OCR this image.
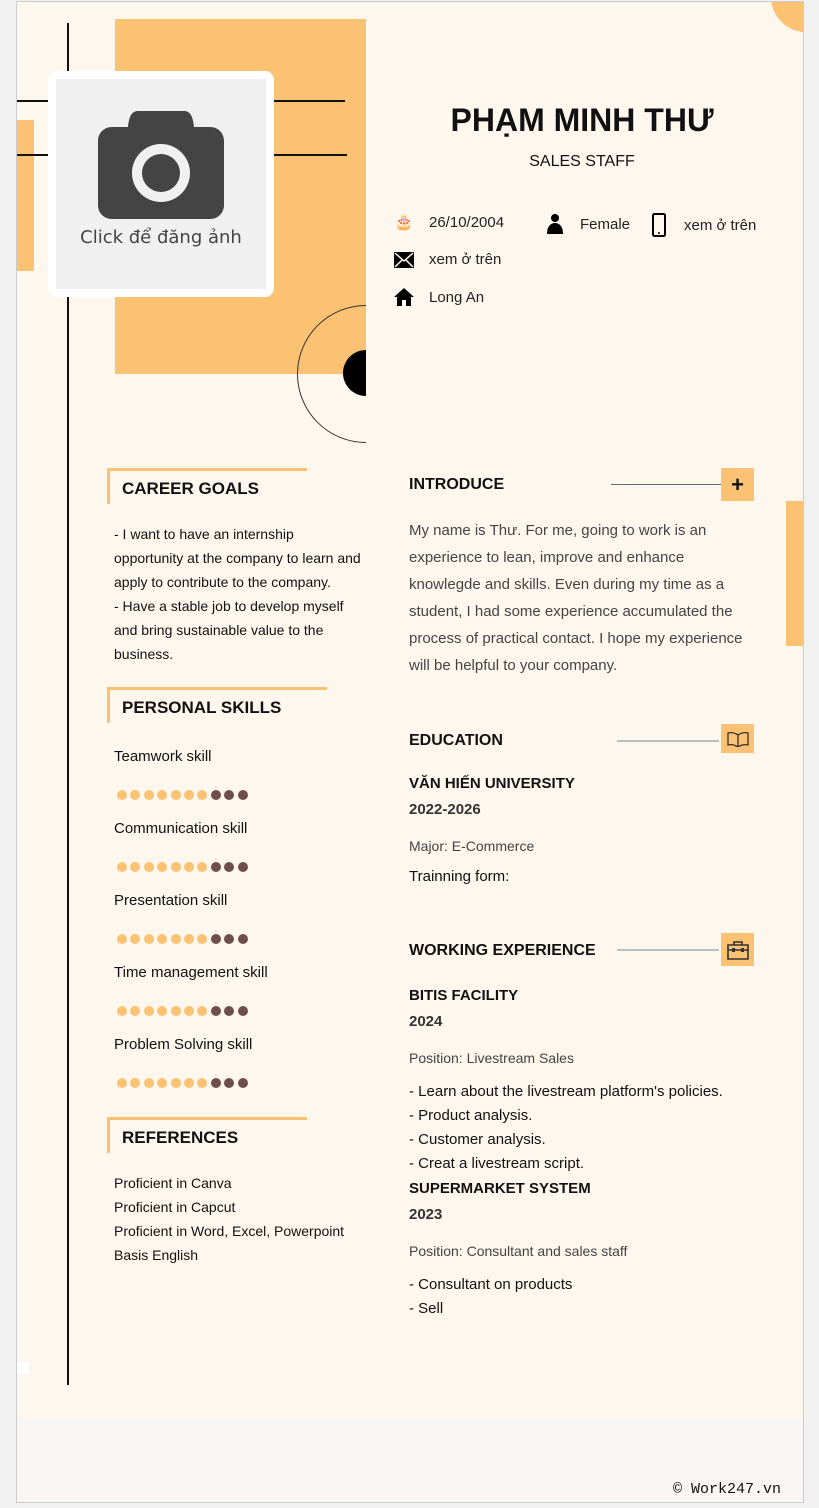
Click để đăng ảnh
PHẠM MINH THƯ
SALES STAFF
🎂 26/10/2004	Female	xem ở trên
xem ở trên
Long An
CAREER GOALS
- I want to have an internship
opportunity at the company to learn and
apply to contribute to the company.
- Have a stable job to develop myself
and bring sustainable value to the
business.
PERSONAL SKILLS
Teamwork skill
Communication skill
Presentation skill
Time management skill
Problem Solving skill
REFERENCES
Proficient in Canva
Proficient in Capcut
Proficient in Word, Excel, Powerpoint
Basis English
INTRODUCE	+
My name is Thư. For me, going to work is an
experience to lean, improve and enhance
knowlegde and skills. Even during my time as a
student, I had some experience accumulated the
process of practical contact. I hope my experience
will be helpful to your company.
EDUCATION
VĂN HIẾN UNIVERSITY
2022-2026
Major: E-Commerce
Trainning form:
WORKING EXPERIENCE
BITIS FACILITY
2024
Position: Livestream Sales
- Learn about the livestream platform's policies.
- Product analysis.
- Customer analysis.
- Creat a livestream script.
SUPERMARKET SYSTEM
2023
Position: Consultant and sales staff
- Consultant on products
- Sell
© Work247.vn
